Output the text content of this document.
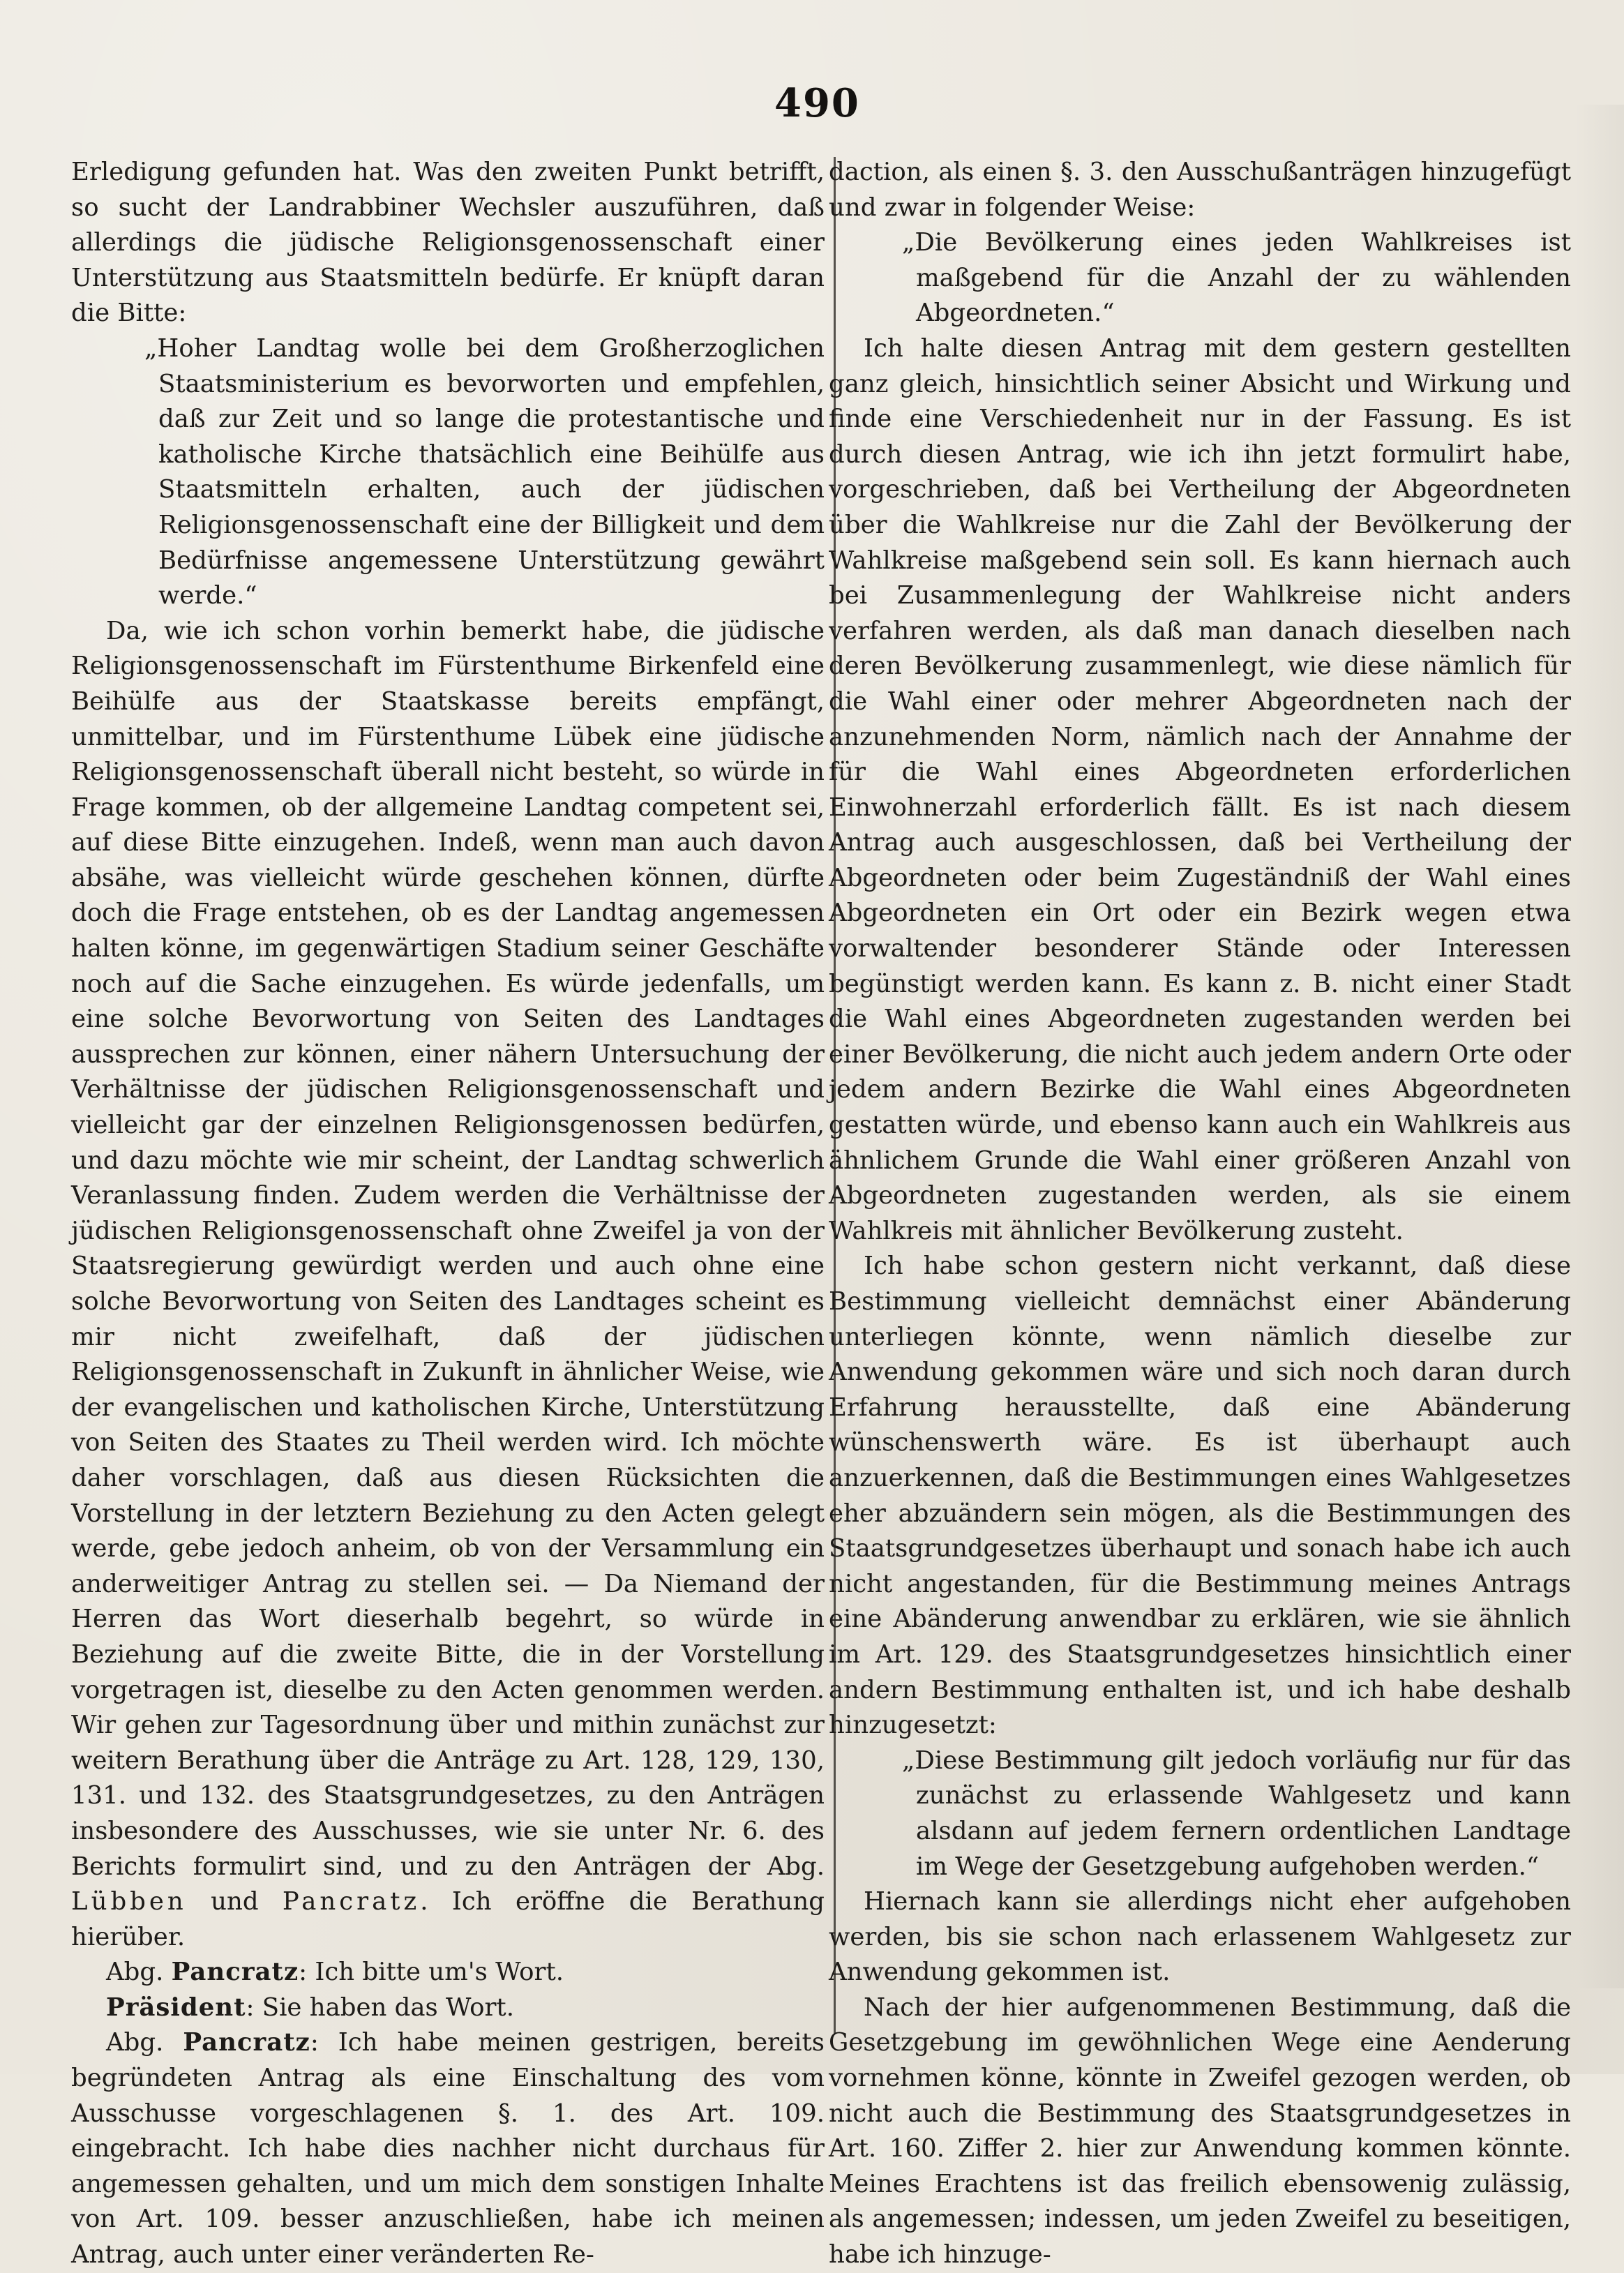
490

Erledigung gefunden hat. Was den zweiten Punkt betrifft, so sucht der Landrabbiner Wechsler auszuführen, daß allerdings die jüdische Religionsgenossenschaft einer Unterstützung aus Staatsmitteln bedürfe. Er knüpft daran die Bitte:

„Hoher Landtag wolle bei dem Großherzoglichen Staatsministerium es bevorworten und empfehlen, daß zur Zeit und so lange die protestantische und katholische Kirche thatsächlich eine Beihülfe aus Staatsmitteln erhalten, auch der jüdischen Religionsgenossenschaft eine der Billigkeit und dem Bedürfnisse angemessene Unterstützung gewährt werde.“

Da, wie ich schon vorhin bemerkt habe, die jüdische Religionsgenossenschaft im Fürstenthume Birkenfeld eine Beihülfe aus der Staatskasse bereits empfängt, unmittelbar, und im Fürstenthume Lübek eine jüdische Religionsgenossenschaft überall nicht besteht, so würde in Frage kommen, ob der allgemeine Landtag competent sei, auf diese Bitte einzugehen. Indeß, wenn man auch davon absähe, was vielleicht würde geschehen können, dürfte doch die Frage entstehen, ob es der Landtag angemessen halten könne, im gegenwärtigen Stadium seiner Geschäfte noch auf die Sache einzugehen. Es würde jedenfalls, um eine solche Bevorwortung von Seiten des Landtages aussprechen zur können, einer nähern Untersuchung der Verhältnisse der jüdischen Religionsgenossenschaft und vielleicht gar der einzelnen Religionsgenossen bedürfen, und dazu möchte wie mir scheint, der Landtag schwerlich Veranlassung finden. Zudem werden die Verhältnisse der jüdischen Religionsgenossenschaft ohne Zweifel ja von der Staatsregierung gewürdigt werden und auch ohne eine solche Bevorwortung von Seiten des Landtages scheint es mir nicht zweifelhaft, daß der jüdischen Religionsgenossenschaft in Zukunft in ähnlicher Weise, wie der evangelischen und katholischen Kirche, Unterstützung von Seiten des Staates zu Theil werden wird. Ich möchte daher vorschlagen, daß aus diesen Rücksichten die Vorstellung in der letztern Beziehung zu den Acten gelegt werde, gebe jedoch anheim, ob von der Versammlung ein anderweitiger Antrag zu stellen sei. — Da Niemand der Herren das Wort dieserhalb begehrt, so würde in Beziehung auf die zweite Bitte, die in der Vorstellung vorgetragen ist, dieselbe zu den Acten genommen werden. Wir gehen zur Tagesordnung über und mithin zunächst zur weitern Berathung über die Anträge zu Art. 128, 129, 130, 131. und 132. des Staatsgrundgesetzes, zu den Anträgen insbesondere des Ausschusses, wie sie unter Nr. 6. des Berichts formulirt sind, und zu den Anträgen der Abg. Lübben und Pancratz. Ich eröffne die Berathung hierüber.

Abg. Pancratz: Ich bitte um's Wort.

Präsident: Sie haben das Wort.

Abg. Pancratz: Ich habe meinen gestrigen, bereits begründeten Antrag als eine Einschaltung des vom Ausschusse vorgeschlagenen §. 1. des Art. 109. eingebracht. Ich habe dies nachher nicht durchaus für angemessen gehalten, und um mich dem sonstigen Inhalte von Art. 109. besser anzuschließen, habe ich meinen Antrag, auch unter einer veränderten Re-

daction, als einen §. 3. den Ausschußanträgen hinzugefügt und zwar in folgender Weise:

„Die Bevölkerung eines jeden Wahlkreises ist maßgebend für die Anzahl der zu wählenden Abgeordneten.“

Ich halte diesen Antrag mit dem gestern gestellten ganz gleich, hinsichtlich seiner Absicht und Wirkung und finde eine Verschiedenheit nur in der Fassung. Es ist durch diesen Antrag, wie ich ihn jetzt formulirt habe, vorgeschrieben, daß bei Vertheilung der Abgeordneten über die Wahlkreise nur die Zahl der Bevölkerung der Wahlkreise maßgebend sein soll. Es kann hiernach auch bei Zusammenlegung der Wahlkreise nicht anders verfahren werden, als daß man danach dieselben nach deren Bevölkerung zusammenlegt, wie diese nämlich für die Wahl einer oder mehrer Abgeordneten nach der anzunehmenden Norm, nämlich nach der Annahme der für die Wahl eines Abgeordneten erforderlichen Einwohnerzahl erforderlich fällt. Es ist nach diesem Antrag auch ausgeschlossen, daß bei Vertheilung der Abgeordneten oder beim Zugeständniß der Wahl eines Abgeordneten ein Ort oder ein Bezirk wegen etwa vorwaltender besonderer Stände oder Interessen begünstigt werden kann. Es kann z. B. nicht einer Stadt die Wahl eines Abgeordneten zugestanden werden bei einer Bevölkerung, die nicht auch jedem andern Orte oder jedem andern Bezirke die Wahl eines Abgeordneten gestatten würde, und ebenso kann auch ein Wahlkreis aus ähnlichem Grunde die Wahl einer größeren Anzahl von Abgeordneten zugestanden werden, als sie einem Wahlkreis mit ähnlicher Bevölkerung zusteht.

Ich habe schon gestern nicht verkannt, daß diese Bestimmung vielleicht demnächst einer Abänderung unterliegen könnte, wenn nämlich dieselbe zur Anwendung gekommen wäre und sich noch daran durch Erfahrung herausstellte, daß eine Abänderung wünschenswerth wäre. Es ist überhaupt auch anzuerkennen, daß die Bestimmungen eines Wahlgesetzes eher abzuändern sein mögen, als die Bestimmungen des Staatsgrundgesetzes überhaupt und sonach habe ich auch nicht angestanden, für die Bestimmung meines Antrags eine Abänderung anwendbar zu erklären, wie sie ähnlich im Art. 129. des Staatsgrundgesetzes hinsichtlich einer andern Bestimmung enthalten ist, und ich habe deshalb hinzugesetzt:

„Diese Bestimmung gilt jedoch vorläufig nur für das zunächst zu erlassende Wahlgesetz und kann alsdann auf jedem fernern ordentlichen Landtage im Wege der Gesetzgebung aufgehoben werden.“

Hiernach kann sie allerdings nicht eher aufgehoben werden, bis sie schon nach erlassenem Wahlgesetz zur Anwendung gekommen ist.

Nach der hier aufgenommenen Bestimmung, daß die Gesetzgebung im gewöhnlichen Wege eine Aenderung vornehmen könne, könnte in Zweifel gezogen werden, ob nicht auch die Bestimmung des Staatsgrundgesetzes in Art. 160. Ziffer 2. hier zur Anwendung kommen könnte. Meines Erachtens ist das freilich ebensowenig zulässig, als angemessen; indessen, um jeden Zweifel zu beseitigen, habe ich hinzuge-
